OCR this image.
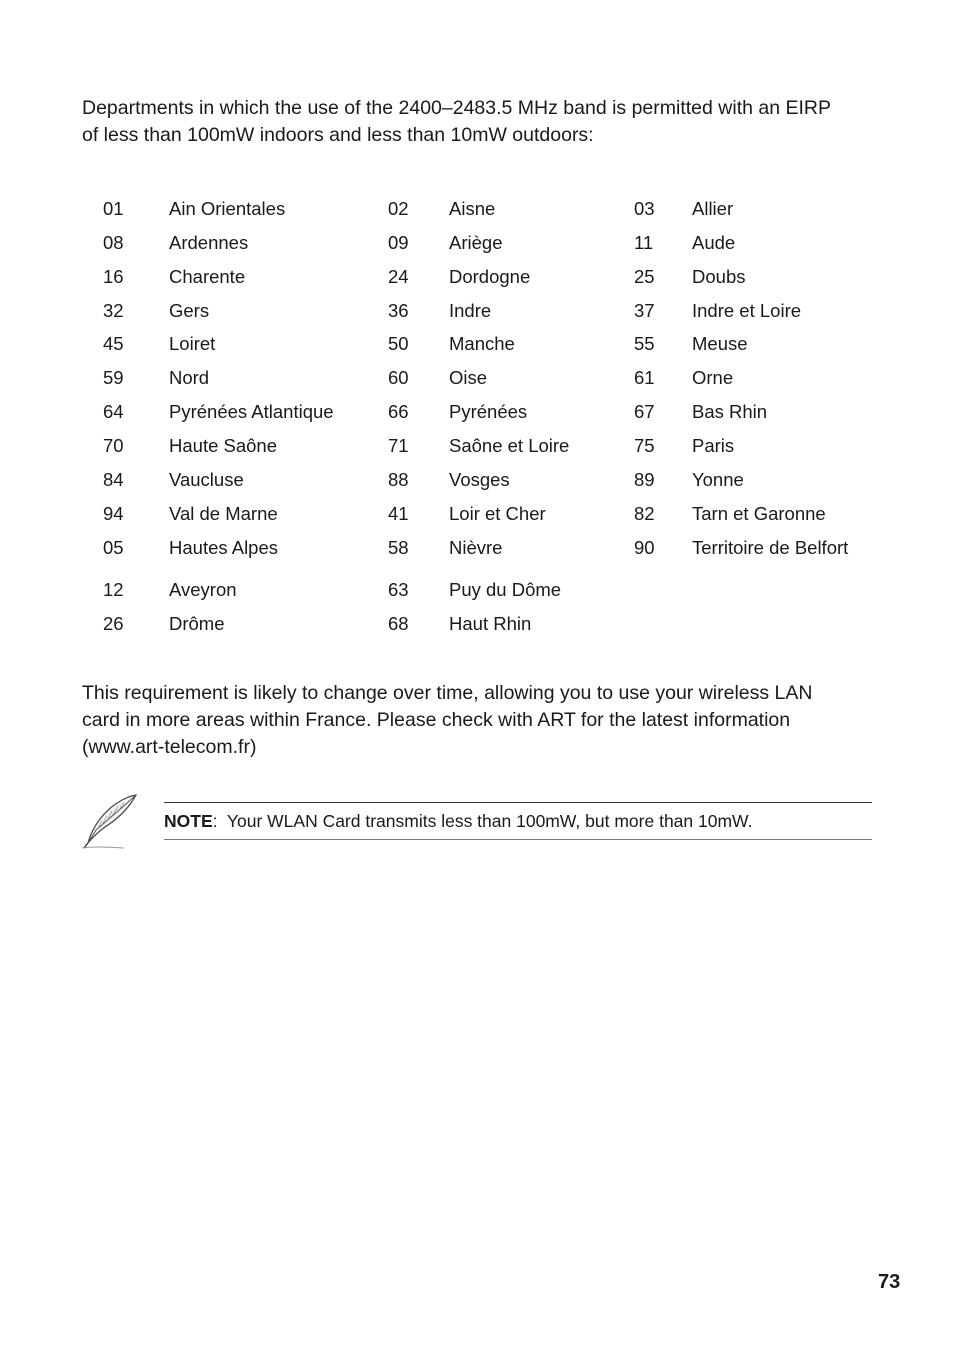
Departments in which the use of the 2400–2483.5 MHz band is permitted with an EIRP
of less than 100mW indoors and less than 10mW outdoors:

01 Ain Orientales	02 Aisne	03 Allier
08 Ardennes	09 Ariège	11 Aude
16 Charente	24 Dordogne	25 Doubs
32 Gers	36 Indre	37 Indre et Loire
45 Loiret	50 Manche	55 Meuse
59 Nord	60 Oise	61 Orne
64 Pyrénées Atlantique	66 Pyrénées	67 Bas Rhin
70 Haute Saône	71 Saône et Loire	75 Paris
84 Vaucluse	88 Vosges	89 Yonne
94 Val de Marne	41 Loir et Cher	82 Tarn et Garonne
05 Hautes Alpes	58 Nièvre	90 Territoire de Belfort
12 Aveyron	63 Puy du Dôme
26 Drôme	68 Haut Rhin

This requirement is likely to change over time, allowing you to use your wireless LAN
card in more areas within France. Please check with ART for the latest information
(www.art-telecom.fr)

NOTE: Your WLAN Card transmits less than 100mW, but more than 10mW.
73
